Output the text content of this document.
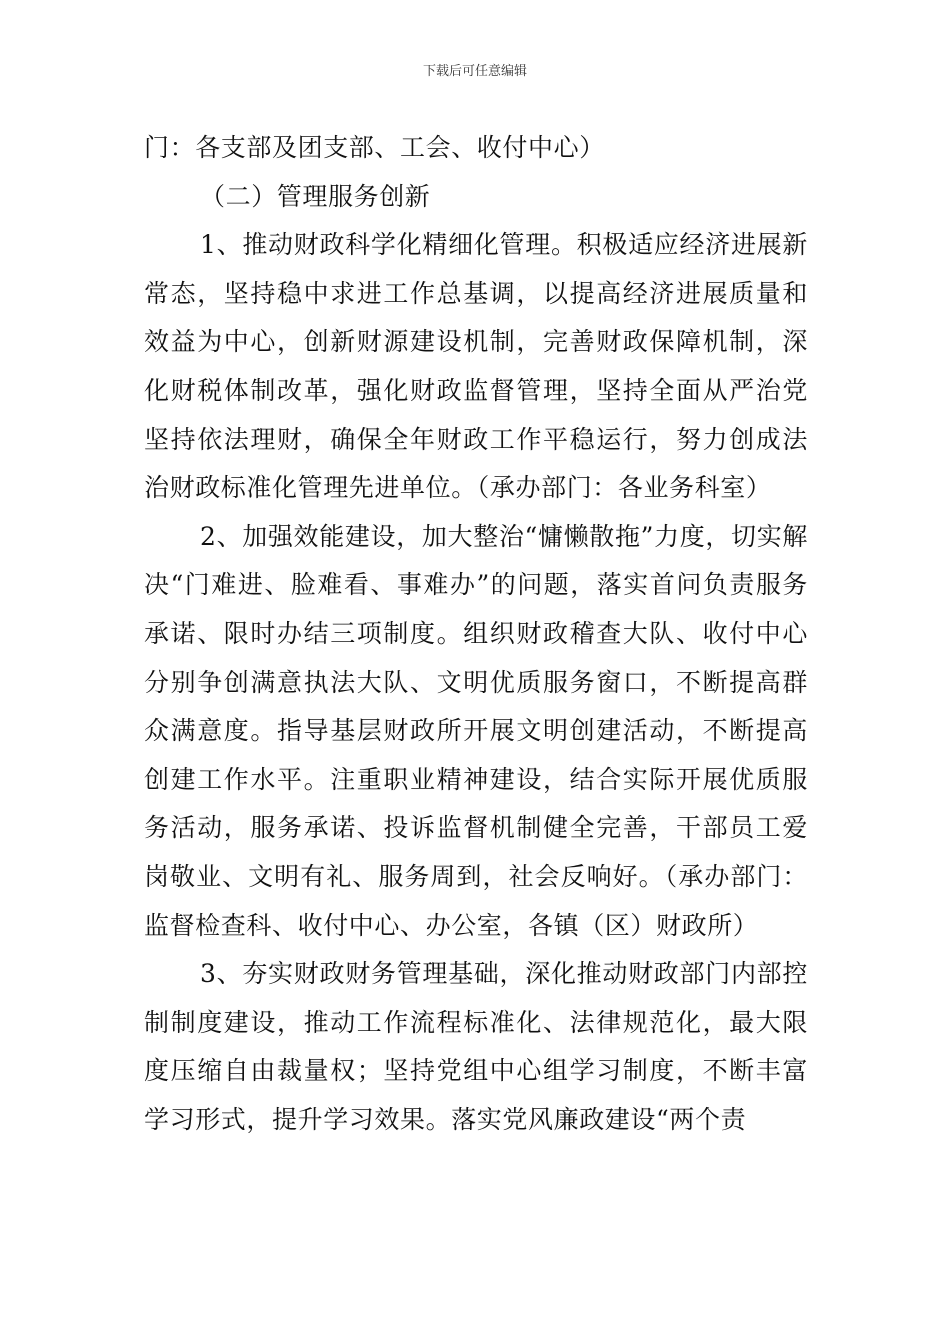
下载后可任意编辑

门：各支部及团支部、工会、收付中心）

（二）管理服务创新

1、推动财政科学化精细化管理。积极适应经济进展新常态，坚持稳中求进工作总基调，以提高经济进展质量和效益为中心，创新财源建设机制，完善财政保障机制，深化财税体制改革，强化财政监督管理，坚持全面从严治党坚持依法理财，确保全年财政工作平稳运行，努力创成法治财政标准化管理先进单位。（承办部门：各业务科室）

2、加强效能建设，加大整治“慵懒散拖”力度，切实解决“门难进、脸难看、事难办”的问题，落实首问负责服务承诺、限时办结三项制度。组织财政稽查大队、收付中心分别争创满意执法大队、文明优质服务窗口，不断提高群众满意度。指导基层财政所开展文明创建活动，不断提高创建工作水平。注重职业精神建设，结合实际开展优质服务活动，服务承诺、投诉监督机制健全完善，干部员工爱岗敬业、文明有礼、服务周到，社会反响好。（承办部门：监督检查科、收付中心、办公室，各镇（区）财政所）

3、夯实财政财务管理基础，深化推动财政部门内部控制制度建设，推动工作流程标准化、法律规范化，最大限度压缩自由裁量权；坚持党组中心组学习制度，不断丰富学习形式，提升学习效果。落实党风廉政建设“两个责
